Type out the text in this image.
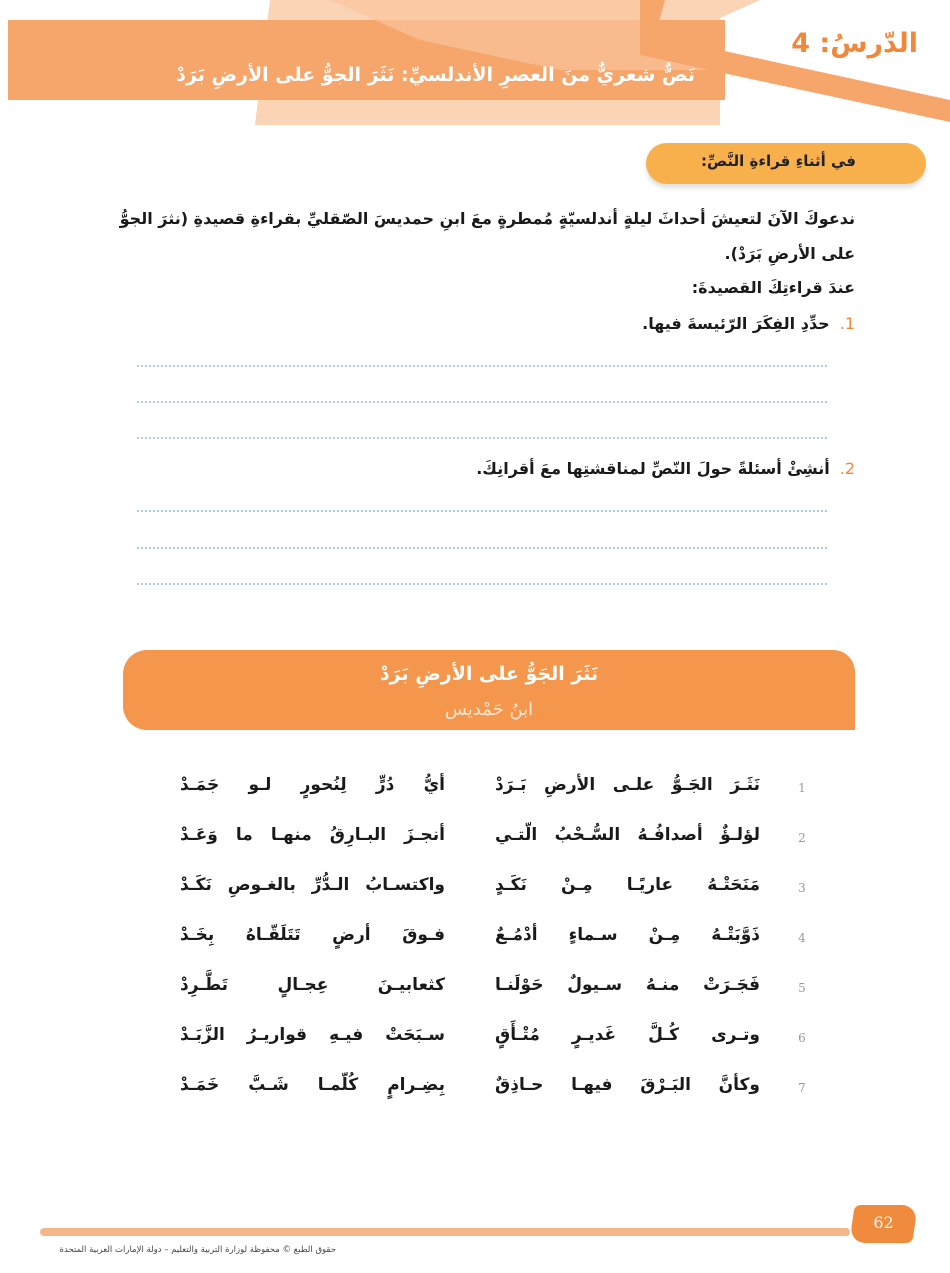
الدّرسُ: 4
نَصٌّ شعريٌّ منَ العصرِ الأندلسيِّ: نَثَرَ الجوُّ على الأرضِ بَرَدْ
في أثناءِ قراءةِ النَّصِّ:
ندعوكَ الآنَ لتعيشَ أحداثَ ليلةٍ أندلسيّةٍ مُمطرةٍ معَ ابنِ حمديسَ الصّقليِّ بقراءةِ قصيدةِ (نثرَ الجوُّ
على الأرضِ بَرَدْ).
عندَ قراءتِكَ القصيدةَ:
1.حدِّدِ الفِكَرَ الرّئيسةَ فيها.
2.أنشِئْ أسئلةً حولَ النّصِّ لمناقشتِها معَ أقرانِكَ.
نَثَرَ الجَوُّ على الأرضِ بَرَدْ
ابنُ حَمْديس
1
نَثَـرَ
الجَـوُّ
علـى
الأرضِ
بَـرَدْ
أيُّ
دُرٍّ
لِنُحورٍ
لـو
جَمَـدْ
2
لؤلـؤٌ
أصدافُـهُ
السُّـحْبُ
الّتـي
أنجـزَ
البـارِقُ
منهـا
ما
وَعَـدْ
3
مَنَحَتْـهُ
عاريًـا
مِـنْ
نَكَـدٍ
واكتسـابُ
الـدُّرِّ
بالغـوصِ
نَكَـدْ
4
ذَوَّبَتْـهُ
مِـنْ
سـماءٍ
أدْمُـعٌ
فـوقَ
أرضٍ
تَتَلَقّـاهُ
بِخَـدْ
5
فَجَـرَتْ
منـهُ
سـيولٌ
حَوْلَنـا
كثعابيـنَ
عِجـالٍ
تَطَّـرِدْ
6
وتـرى
كُـلَّ
غَديـرٍ
مُتْـأَقٍ
سـبَحَتْ
فيـهِ
قواريـرُ
الزَّبَـدْ
7
وكأنَّ
البَـرْقَ
فيهـا
حـاذِقٌ
بِضِـرامٍ
كُلّمـا
شَـبَّ
خَمَـدْ
62
حقوق الطبع © محفوظة لوزارة التربية والتعليم – دولة الإمارات العربية المتحدة
